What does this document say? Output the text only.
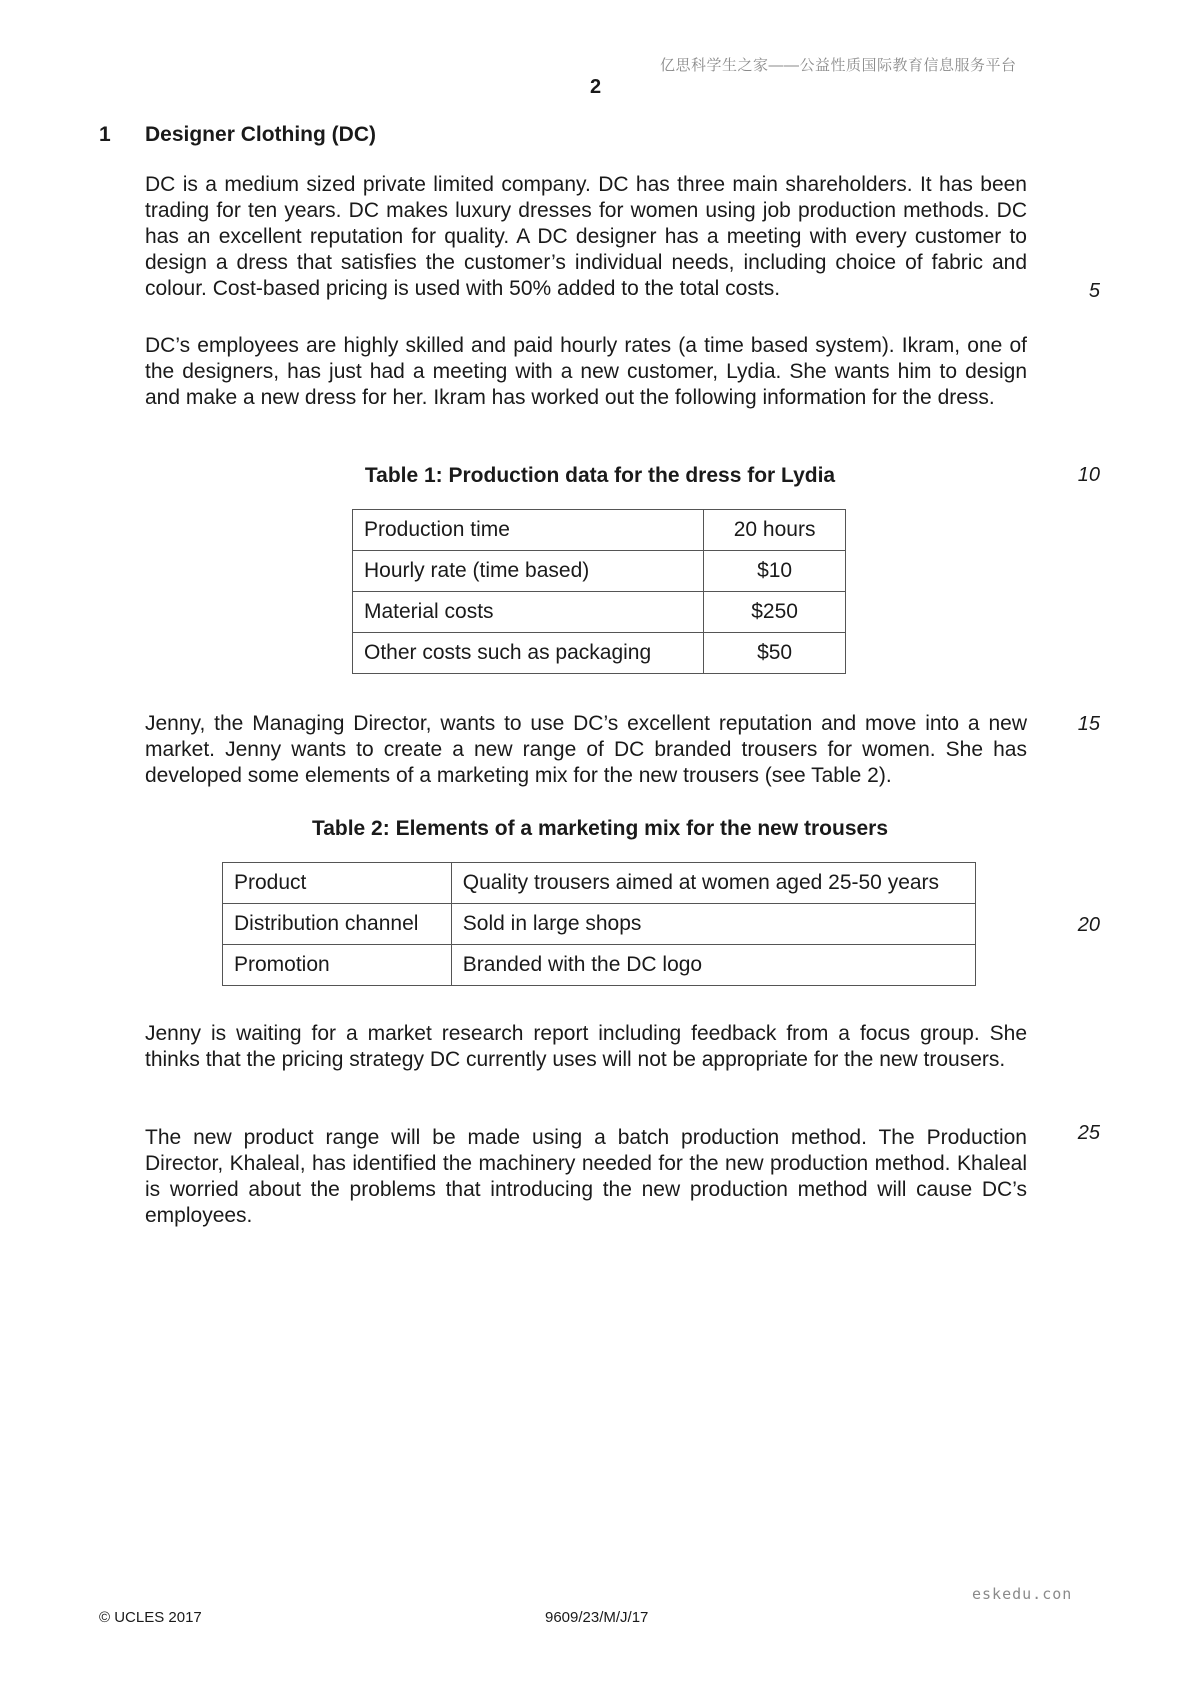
亿思科学生之家——公益性质国际教育信息服务平台
2
1 Designer Clothing (DC)

DC is a medium sized private limited company. DC has three main shareholders. It has been trading for ten years. DC makes luxury dresses for women using job production methods. DC has an excellent reputation for quality. A DC designer has a meeting with every customer to design a dress that satisfies the customer’s individual needs, including choice of fabric and colour. Cost-based pricing is used with 50% added to the total costs.

DC’s employees are highly skilled and paid hourly rates (a time based system). Ikram, one of the designers, has just had a meeting with a new customer, Lydia. She wants him to design and make a new dress for her. Ikram has worked out the following information for the dress.

5
10
Table 1: Production data for the dress for Lydia
Production time	20 hours
Hourly rate (time based)	$10
Material costs	$250
Other costs such as packaging	$50

Jenny, the Managing Director, wants to use DC’s excellent reputation and move into a new market. Jenny wants to create a new range of DC branded trousers for women. She has developed some elements of a marketing mix for the new trousers (see Table 2).

15
Table 2: Elements of a marketing mix for the new trousers
Product	Quality trousers aimed at women aged 25-50 years
Distribution channel	Sold in large shops
Promotion	Branded with the DC logo
20

Jenny is waiting for a market research report including feedback from a focus group. She thinks that the pricing strategy DC currently uses will not be appropriate for the new trousers.

The new product range will be made using a batch production method. The Production Director, Khaleal, has identified the machinery needed for the new production method. Khaleal is worried about the problems that introducing the new production method will cause DC’s employees.

25
eskedu.con
© UCLES 2017	9609/23/M/J/17
